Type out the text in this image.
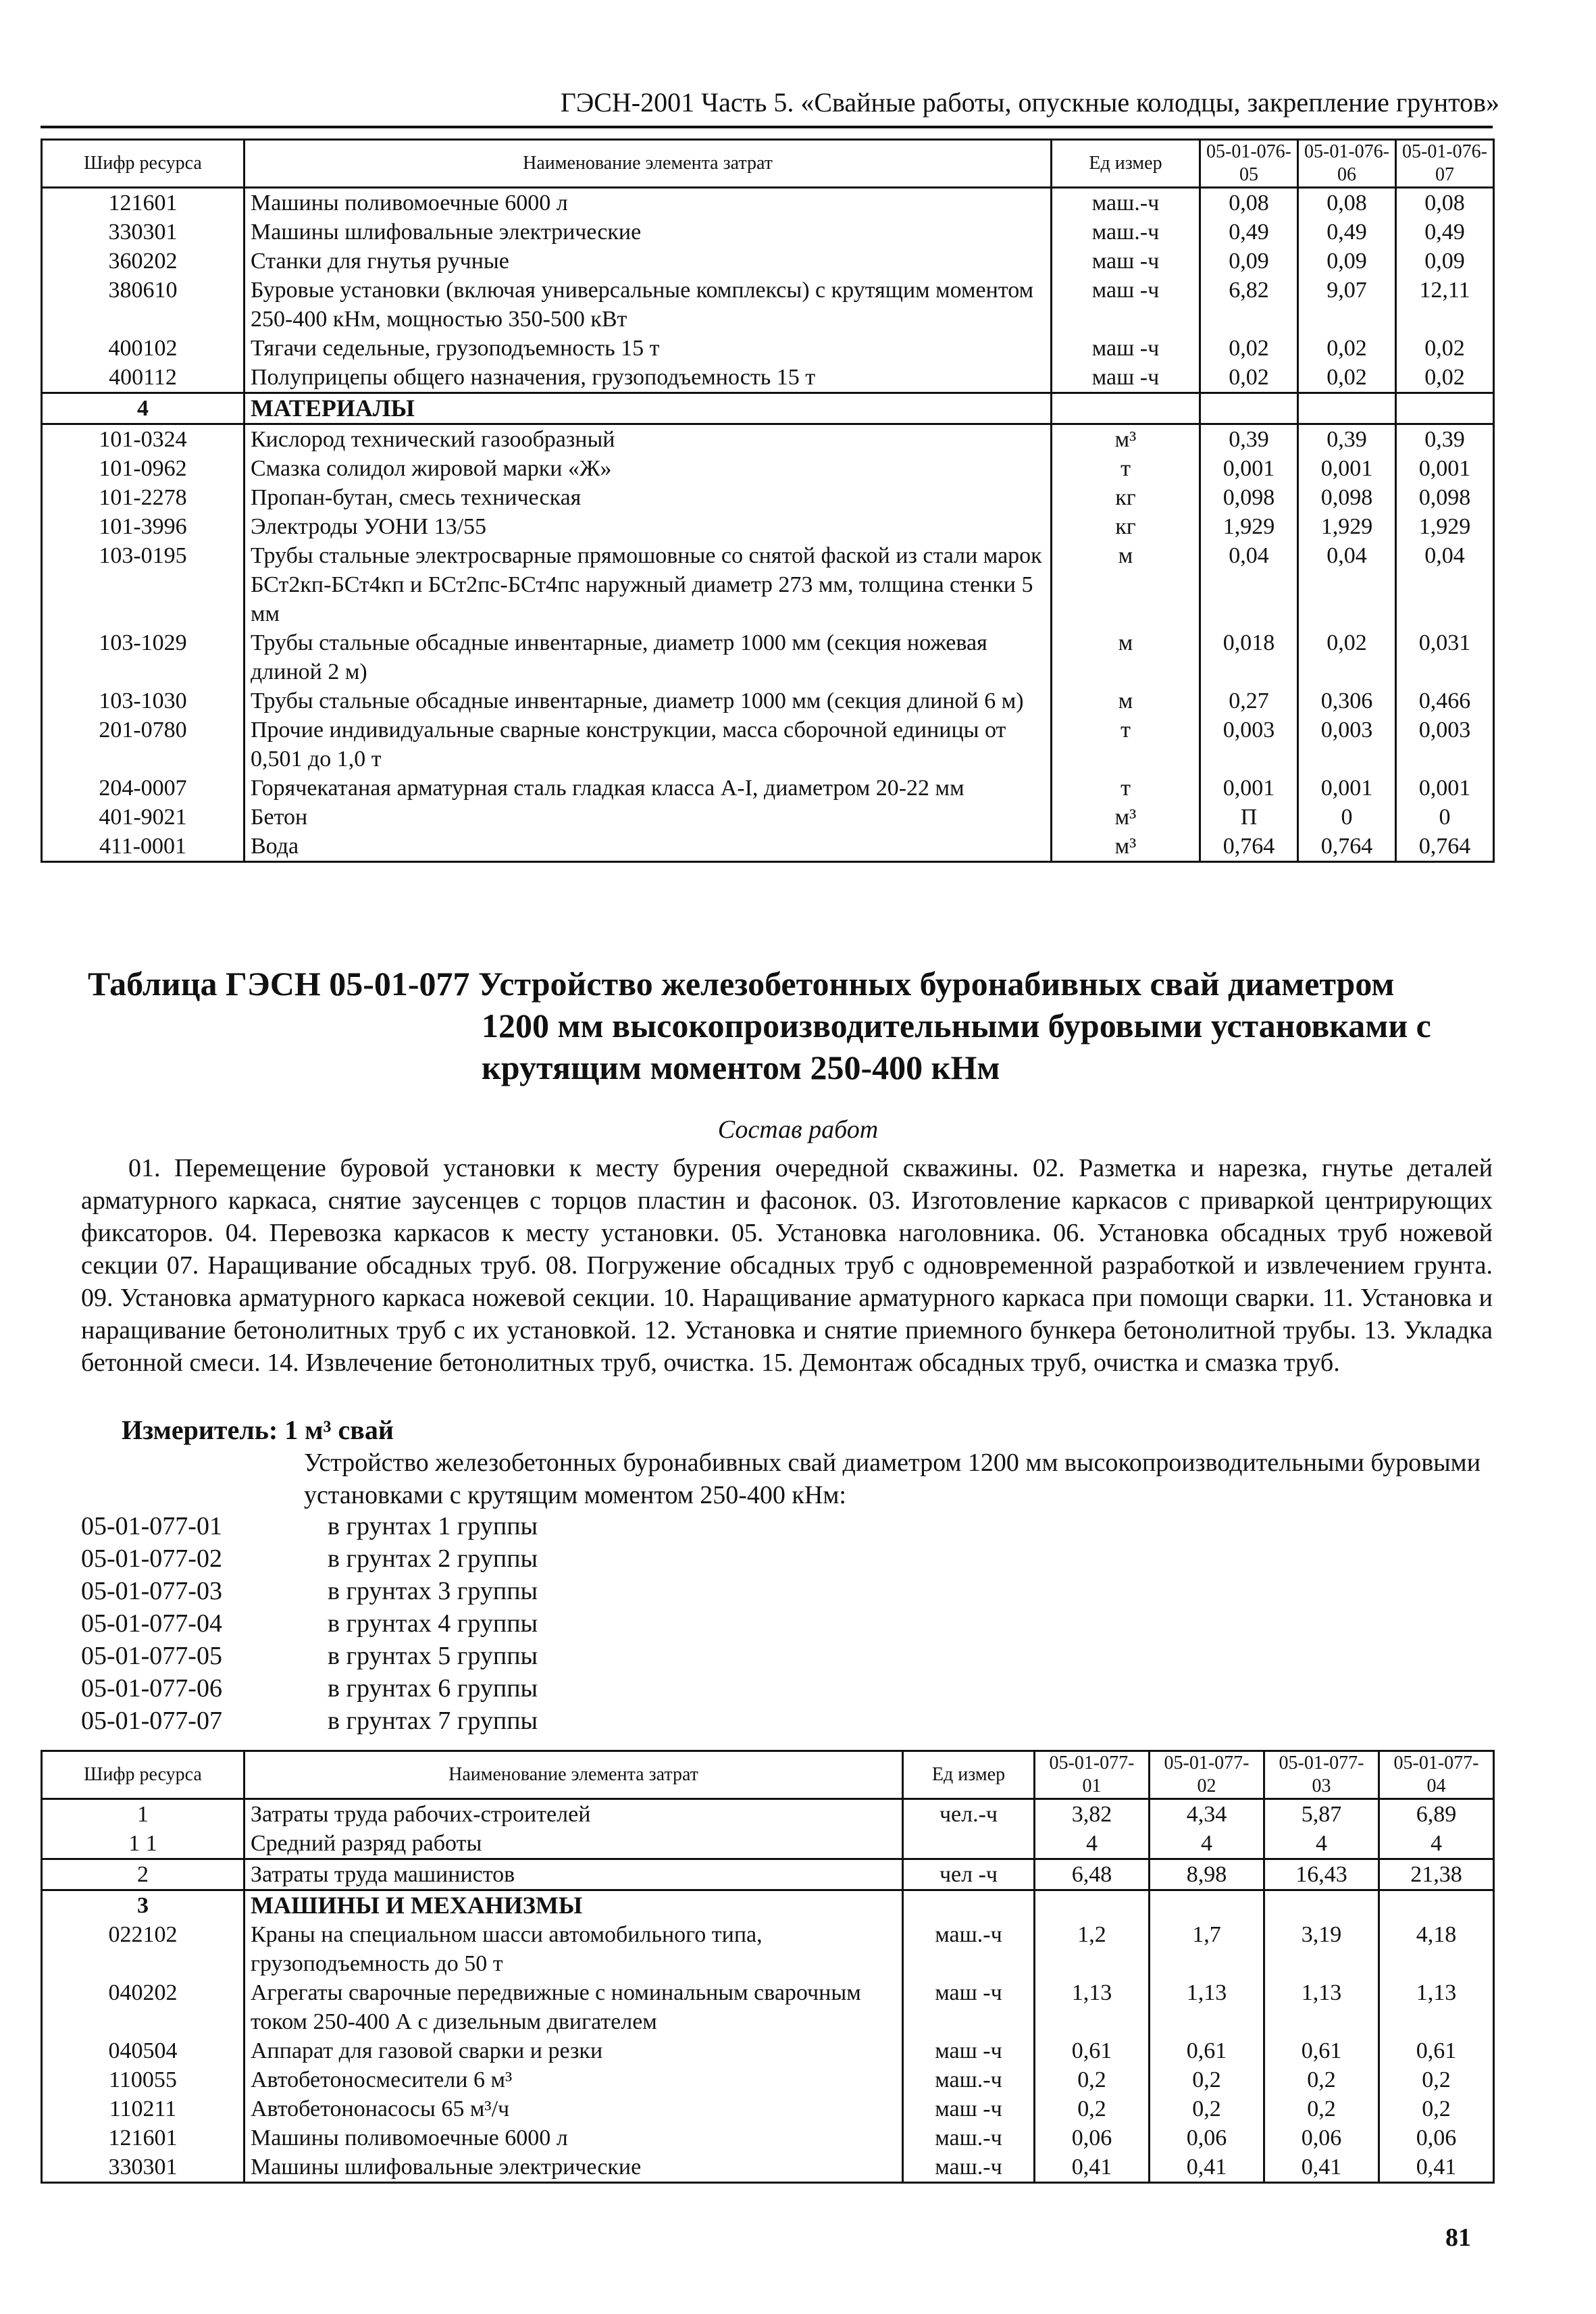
ГЭСН-2001 Часть 5. «Свайные работы, опускные колодцы, закрепление грунтов»
Шифр ресурса	Наименование элемента затрат	Ед измер	05-01-076-05	05-01-076-06	05-01-076-07
121601	Машины поливомоечные 6000 л	маш.-ч	0,08	0,08	0,08
330301	Машины шлифовальные электрические	маш.-ч	0,49	0,49	0,49
360202	Станки для гнутья ручные	маш -ч	0,09	0,09	0,09
380610	Буровые установки (включая универсальные комплексы) с крутящим моментом 250-400 кНм, мощностью 350-500 кВт	маш -ч	6,82	9,07	12,11
400102	Тягачи седельные, грузоподъемность 15 т	маш -ч	0,02	0,02	0,02
400112	Полуприцепы общего назначения, грузоподъемность 15 т	маш -ч	0,02	0,02	0,02
4	МАТЕРИАЛЫ				
101-0324	Кислород технический газообразный	м³	0,39	0,39	0,39
101-0962	Смазка солидол жировой марки «Ж»	т	0,001	0,001	0,001
101-2278	Пропан-бутан, смесь техническая	кг	0,098	0,098	0,098
101-3996	Электроды УОНИ 13/55	кг	1,929	1,929	1,929
103-0195	Трубы стальные электросварные прямошовные со снятой фаской из стали марок БСт2кп-БСт4кп и БСт2пс-БСт4пс наружный диаметр 273 мм, толщина стенки 5 мм	м	0,04	0,04	0,04
103-1029	Трубы стальные обсадные инвентарные, диаметр 1000 мм (секция ножевая длиной 2 м)	м	0,018	0,02	0,031
103-1030	Трубы стальные обсадные инвентарные, диаметр 1000 мм (секция длиной 6 м)	м	0,27	0,306	0,466
201-0780	Прочие индивидуальные сварные конструкции, масса сборочной единицы от 0,501 до 1,0 т	т	0,003	0,003	0,003
204-0007	Горячекатаная арматурная сталь гладкая класса А-I, диаметром 20-22 мм	т	0,001	0,001	0,001
401-9021	Бетон	м³	П	0	0
411-0001	Вода	м³	0,764	0,764	0,764
Таблица ГЭСН 05-01-077 Устройство железобетонных буронабивных свай диаметром
1200 мм высокопроизводительными буровыми установками с
крутящим моментом 250-400 кНм
Состав работ
01. Перемещение буровой установки к месту бурения очередной скважины. 02. Разметка и нарезка, гнутье деталей арматурного каркаса, снятие заусенцев с торцов пластин и фасонок. 03. Изготовление каркасов с приваркой центрирующих фиксаторов. 04. Перевозка каркасов к месту установки. 05. Установка наголовника. 06. Установка обсадных труб ножевой секции 07. Наращивание обсадных труб. 08. Погружение обсадных труб с одновременной разработкой и извлечением грунта. 09. Установка арматурного каркаса ножевой секции. 10. Наращивание арматурного каркаса при помощи сварки. 11. Установка и наращивание бетонолитных труб с их установкой. 12. Установка и снятие приемного бункера бетонолитной трубы. 13. Укладка бетонной смеси. 14. Извлечение бетонолитных труб, очистка. 15. Демонтаж обсадных труб, очистка и смазка труб.
Измеритель: 1 м³ свай
Устройство железобетонных буронабивных свай диаметром 1200 мм высокопроизводительными буровыми установками с крутящим моментом 250-400 кНм:
05-01-077-01	в грунтах 1 группы
05-01-077-02	в грунтах 2 группы
05-01-077-03	в грунтах 3 группы
05-01-077-04	в грунтах 4 группы
05-01-077-05	в грунтах 5 группы
05-01-077-06	в грунтах 6 группы
05-01-077-07	в грунтах 7 группы
Шифр ресурса	Наименование элемента затрат	Ед измер	05-01-077-01	05-01-077-02	05-01-077-03	05-01-077-04
1	Затраты труда рабочих-строителей	чел.-ч	3,82	4,34	5,87	6,89
1 1	Средний разряд работы		4	4	4	4
2	Затраты труда машинистов	чел -ч	6,48	8,98	16,43	21,38
3	МАШИНЫ И МЕХАНИЗМЫ					
022102	Краны на специальном шасси автомобильного типа, грузоподъемность до 50 т	маш.-ч	1,2	1,7	3,19	4,18
040202	Агрегаты сварочные передвижные с номинальным сварочным током 250-400 А с дизельным двигателем	маш -ч	1,13	1,13	1,13	1,13
040504	Аппарат для газовой сварки и резки	маш -ч	0,61	0,61	0,61	0,61
110055	Автобетоносмесители 6 м³	маш.-ч	0,2	0,2	0,2	0,2
110211	Автобетононасосы 65 м³/ч	маш -ч	0,2	0,2	0,2	0,2
121601	Машины поливомоечные 6000 л	маш.-ч	0,06	0,06	0,06	0,06
330301	Машины шлифовальные электрические	маш.-ч	0,41	0,41	0,41	0,41
81
